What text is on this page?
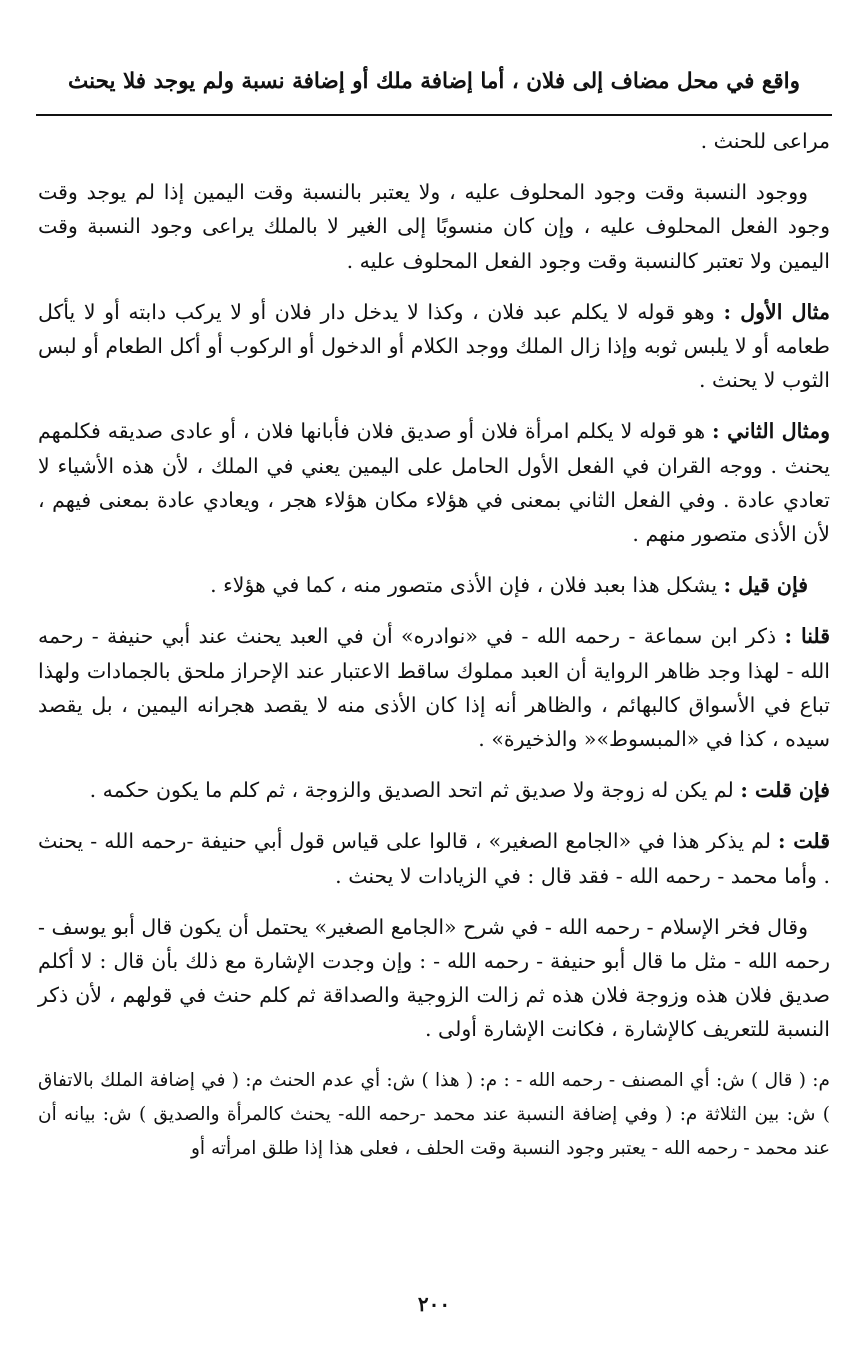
واقع في محل مضاف إلى فلان ، أما إضافة ملك أو إضافة نسبة ولم يوجد فلا يحنث

مراعى للحنث .

ووجود النسبة وقت وجود المحلوف عليه ، ولا يعتبر بالنسبة وقت اليمين إذا لم يوجد وقت وجود الفعل المحلوف عليه ، وإن كان منسوبًا إلى الغير لا بالملك يراعى وجود النسبة وقت اليمين ولا تعتبر كالنسبة وقت وجود الفعل المحلوف عليه .

مثال الأول : وهو قوله لا يكلم عبد فلان ، وكذا لا يدخل دار فلان أو لا يركب دابته أو لا يأكل طعامه أو لا يلبس ثوبه وإذا زال الملك ووجد الكلام أو الدخول أو الركوب أو أكل الطعام أو لبس الثوب لا يحنث .

ومثال الثاني : هو قوله لا يكلم امرأة فلان أو صديق فلان فأبانها فلان ، أو عادى صديقه فكلمهم يحنث . ووجه القران في الفعل الأول الحامل على اليمين يعني في الملك ، لأن هذه الأشياء لا تعادي عادة . وفي الفعل الثاني بمعنى في هؤلاء مكان هؤلاء هجر ، ويعادي عادة بمعنى فيهم ، لأن الأذى متصور منهم .

فإن قيل : يشكل هذا بعبد فلان ، فإن الأذى متصور منه ، كما في هؤلاء .

قلنا : ذكر ابن سماعة - رحمه الله - في «نوادره» أن في العبد يحنث عند أبي حنيفة - رحمه الله - لهذا وجد ظاهر الرواية أن العبد مملوك ساقط الاعتبار عند الإحراز ملحق بالجمادات ولهذا تباع في الأسواق كالبهائم ، والظاهر أنه إذا كان الأذى منه لا يقصد هجرانه اليمين ، بل يقصد سيده ، كذا في «المبسوط»« والذخيرة» .

فإن قلت : لم يكن له زوجة ولا صديق ثم اتحد الصديق والزوجة ، ثم كلم ما يكون حكمه .

قلت : لم يذكر هذا في «الجامع الصغير» ، قالوا على قياس قول أبي حنيفة -رحمه الله - يحنث . وأما محمد - رحمه الله - فقد قال : في الزيادات لا يحنث .

وقال فخر الإسلام - رحمه الله - في شرح «الجامع الصغير» يحتمل أن يكون قال أبو يوسف - رحمه الله - مثل ما قال أبو حنيفة - رحمه الله - : وإن وجدت الإشارة مع ذلك بأن قال : لا أكلم صديق فلان هذه وزوجة فلان هذه ثم زالت الزوجية والصداقة ثم كلم حنث في قولهم ، لأن ذكر النسبة للتعريف كالإشارة ، فكانت الإشارة أولى .

م: ( قال ) ش: أي المصنف - رحمه الله - : م: ( هذا ) ش: أي عدم الحنث م: ( في إضافة الملك بالاتفاق ) ش: بين الثلاثة م: ( وفي إضافة النسبة عند محمد -رحمه الله- يحنث كالمرأة والصديق ) ش: بيانه أن عند محمد - رحمه الله - يعتبر وجود النسبة وقت الحلف ، فعلى هذا إذا طلق امرأته أو

٢٠٠
